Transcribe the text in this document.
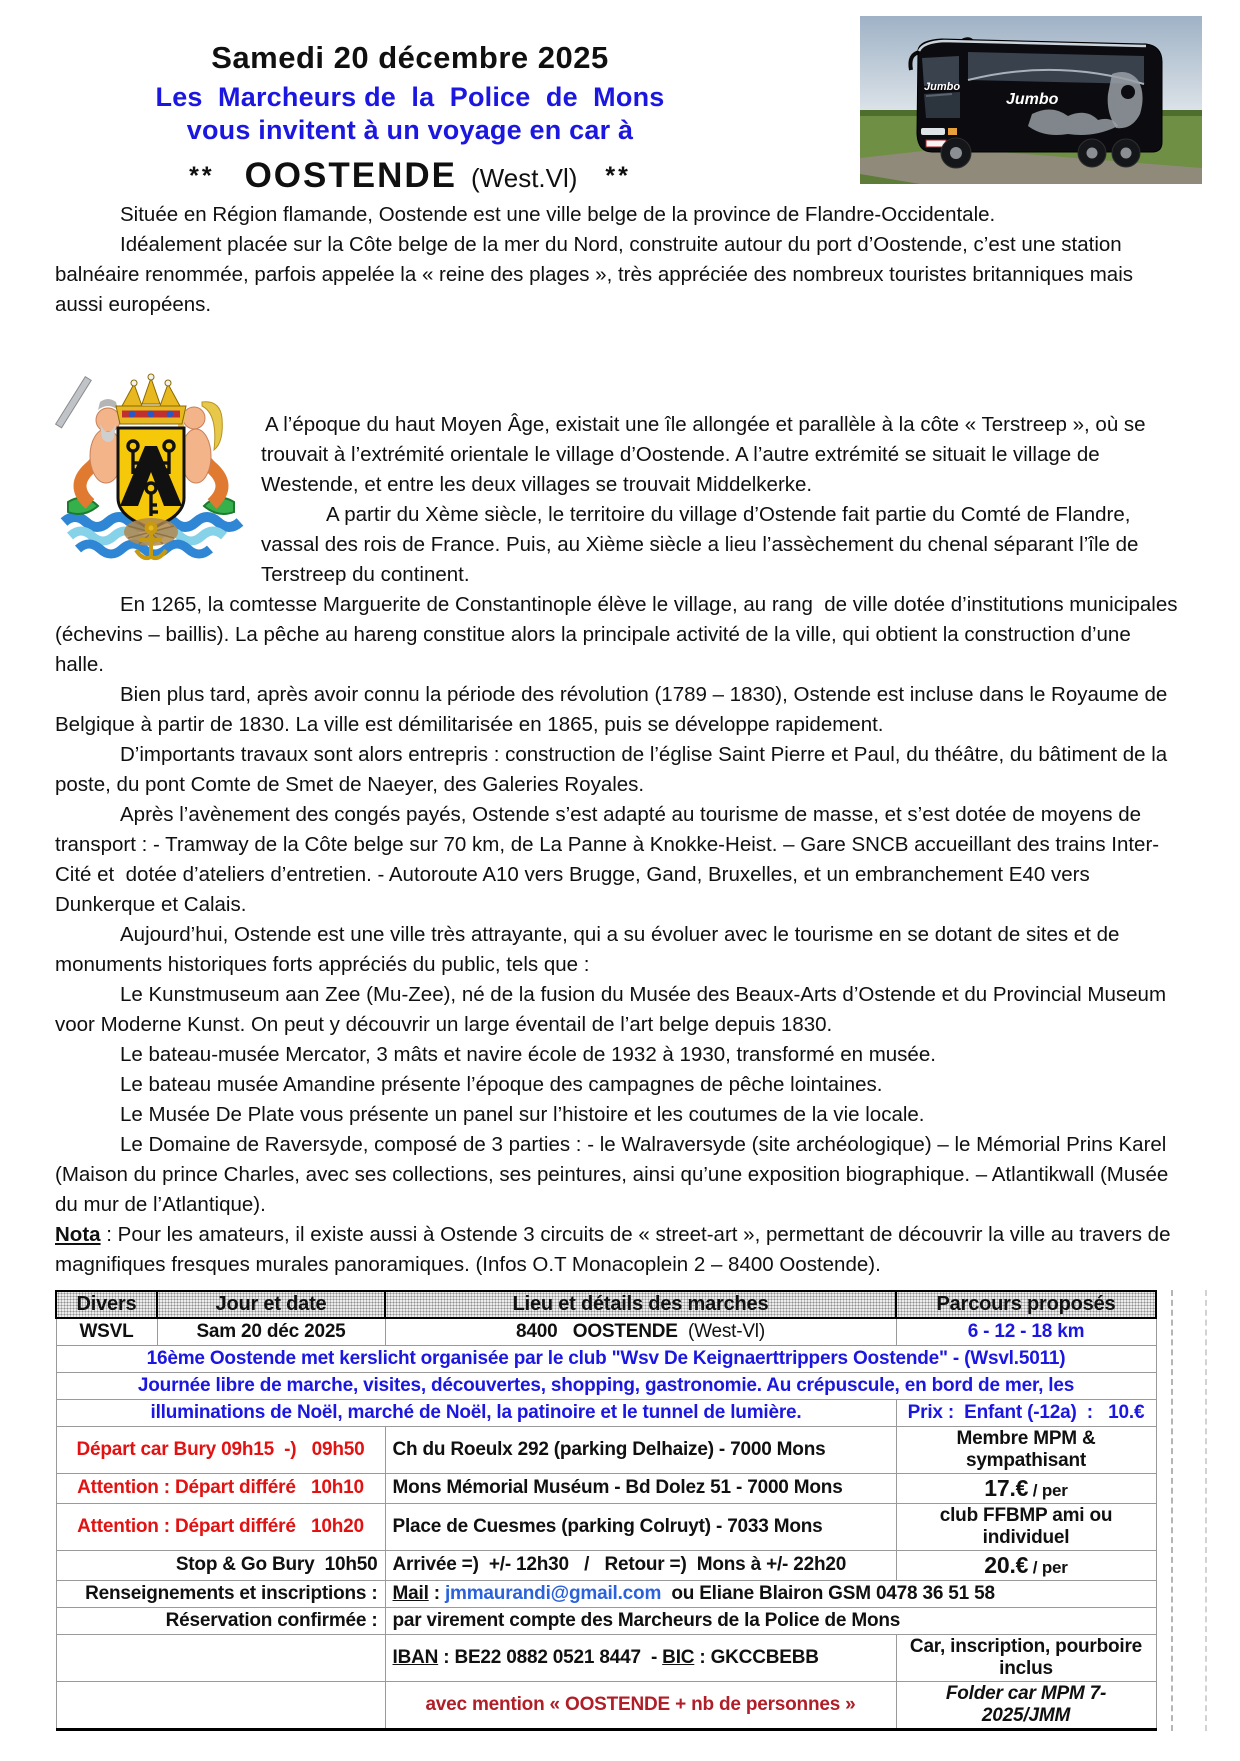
Samedi 20 décembre 2025
Les  Marcheurs de  la  Police  de  Mons
vous invitent à un voyage en car à
** OOSTENDE (West.Vl) **
Jumbo
Jumbo

Située en Région flamande, Oostende est une ville belge de la province de Flandre-Occidentale.

Idéalement placée sur la Côte belge de la mer du Nord, construite autour du port d’Oostende, c’est une station balnéaire renommée, parfois appelée la « reine des plages », très appréciée des nombreux touristes britanniques mais aussi européens.

A l’époque du haut Moyen Âge, existait une île allongée et parallèle à la côte « Terstreep », où se trouvait à l’extrémité orientale le village d’Oostende. A l’autre extrémité se situait le village de Westende, et entre les deux villages se trouvait Middelkerke.

A partir du Xème siècle, le territoire du village d’Ostende fait partie du Comté de Flandre, vassal des rois de France. Puis, au Xième siècle a lieu l’assèchement du chenal séparant l’île de Terstreep du continent.

En 1265, la comtesse Marguerite de Constantinople élève le village, au rang  de ville dotée d’institutions municipales (échevins – baillis). La pêche au hareng constitue alors la principale activité de la ville, qui obtient la construction d’une halle.

Bien plus tard, après avoir connu la période des révolution (1789 – 1830), Ostende est incluse dans le Royaume de Belgique à partir de 1830. La ville est démilitarisée en 1865, puis se développe rapidement.

D’importants travaux sont alors entrepris : construction de l’église Saint Pierre et Paul, du théâtre, du bâtiment de la poste, du pont Comte de Smet de Naeyer, des Galeries Royales.

Après l’avènement des congés payés, Ostende s’est adapté au tourisme de masse, et s’est dotée de moyens de transport : - Tramway de la Côte belge sur 70 km, de La Panne à Knokke-Heist. – Gare SNCB accueillant des trains Inter-Cité et  dotée d’ateliers d’entretien. - Autoroute A10 vers Brugge, Gand, Bruxelles, et un embranchement E40 vers Dunkerque et Calais.

Aujourd’hui, Ostende est une ville très attrayante, qui a su évoluer avec le tourisme en se dotant de sites et de monuments historiques forts appréciés du public, tels que :

Le Kunstmuseum aan Zee (Mu-Zee), né de la fusion du Musée des Beaux-Arts d’Ostende et du Provincial Museum voor Moderne Kunst. On peut y découvrir un large éventail de l’art belge depuis 1830.

Le bateau-musée Mercator, 3 mâts et navire école de 1932 à 1930, transformé en musée.

Le bateau musée Amandine présente l’époque des campagnes de pêche lointaines.

Le Musée De Plate vous présente un panel sur l’histoire et les coutumes de la vie locale.

Le Domaine de Raversyde, composé de 3 parties : - le Walraversyde (site archéologique) – le Mémorial Prins Karel (Maison du prince Charles, avec ses collections, ses peintures, ainsi qu’une exposition biographique. – Atlantikwall (Musée du mur de l’Atlantique).

Nota : Pour les amateurs, il existe aussi à Ostende 3 circuits de « street-art », permettant de découvrir la ville au travers de magnifiques fresques murales panoramiques. (Infos O.T Monacoplein 2 – 8400 Oostende).

Divers	Jour et date	Lieu et détails des marches	Parcours proposés
WSVL	Sam 20 déc 2025	8400   OOSTENDE  (West-Vl)	6 - 12 - 18 km
16ème Oostende met kerslicht organisée par le club "Wsv De Keignaerttrippers Oostende" - (Wsvl.5011)			
Journée libre de marche, visites, découvertes, shopping, gastronomie. Au crépuscule, en bord de mer, les			
illuminations de Noël, marché de Noël, la patinoire et le tunnel de lumière.			Prix :  Enfant (-12a)  :   10.€
Départ car Bury 09h15  -)   09h50		Ch du Roeulx 292 (parking Delhaize) - 7000 Mons	Membre MPM & sympathisant
Attention : Départ différé   10h10		Mons Mémorial Muséum - Bd Dolez 51 - 7000 Mons	17.€ / per
Attention : Départ différé   10h20		Place de Cuesmes (parking Colruyt) - 7033 Mons	club FFBMP ami ou individuel
Stop & Go Bury  10h50		Arrivée =)  +/- 12h30   /   Retour =)  Mons à +/- 22h20	20.€ / per
Renseignements et inscriptions :		Mail : jmmaurandi@gmail.com  ou Eliane Blairon GSM 0478 36 51 58	
Réservation confirmée :		par virement compte des Marcheurs de la Police de Mons	
		IBAN : BE22 0882 0521 8447  - BIC : GKCCBEBB	Car, inscription, pourboire inclus
		avec mention « OOSTENDE + nb de personnes »	Folder car MPM 7-2025/JMM
